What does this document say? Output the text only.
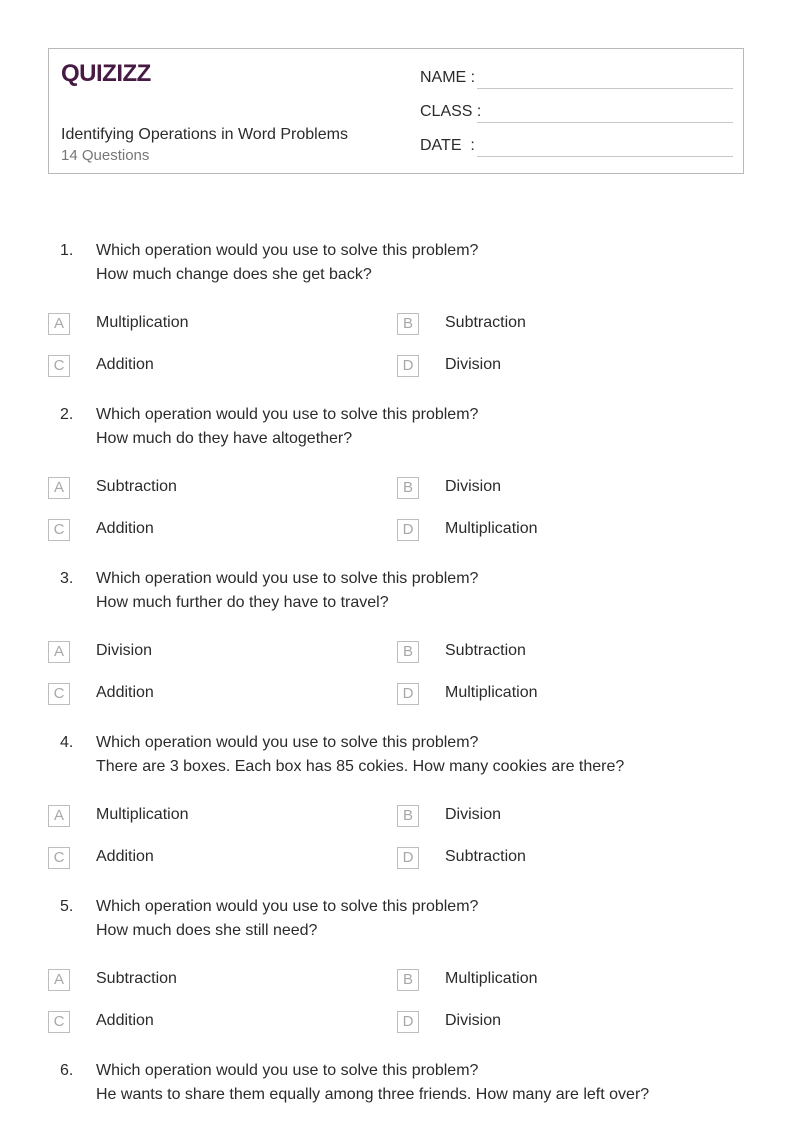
QUIZIZZ
Identifying Operations in Word Problems
14 Questions
NAME :
CLASS :
DATE  :
1. Which operation would you use to solve this problem?
How much change does she get back?
A	Multiplication	B	Subtraction
C	Addition	D	Division
2. Which operation would you use to solve this problem?
How much do they have altogether?
A	Subtraction	B	Division
C	Addition	D	Multiplication
3. Which operation would you use to solve this problem?
How much further do they have to travel?
A	Division	B	Subtraction
C	Addition	D	Multiplication
4. Which operation would you use to solve this problem?
There are 3 boxes. Each box has 85 cokies. How many cookies are there?
A	Multiplication	B	Division
C	Addition	D	Subtraction
5. Which operation would you use to solve this problem?
How much does she still need?
A	Subtraction	B	Multiplication
C	Addition	D	Division
6. Which operation would you use to solve this problem?
He wants to share them equally among three friends. How many are left over?
